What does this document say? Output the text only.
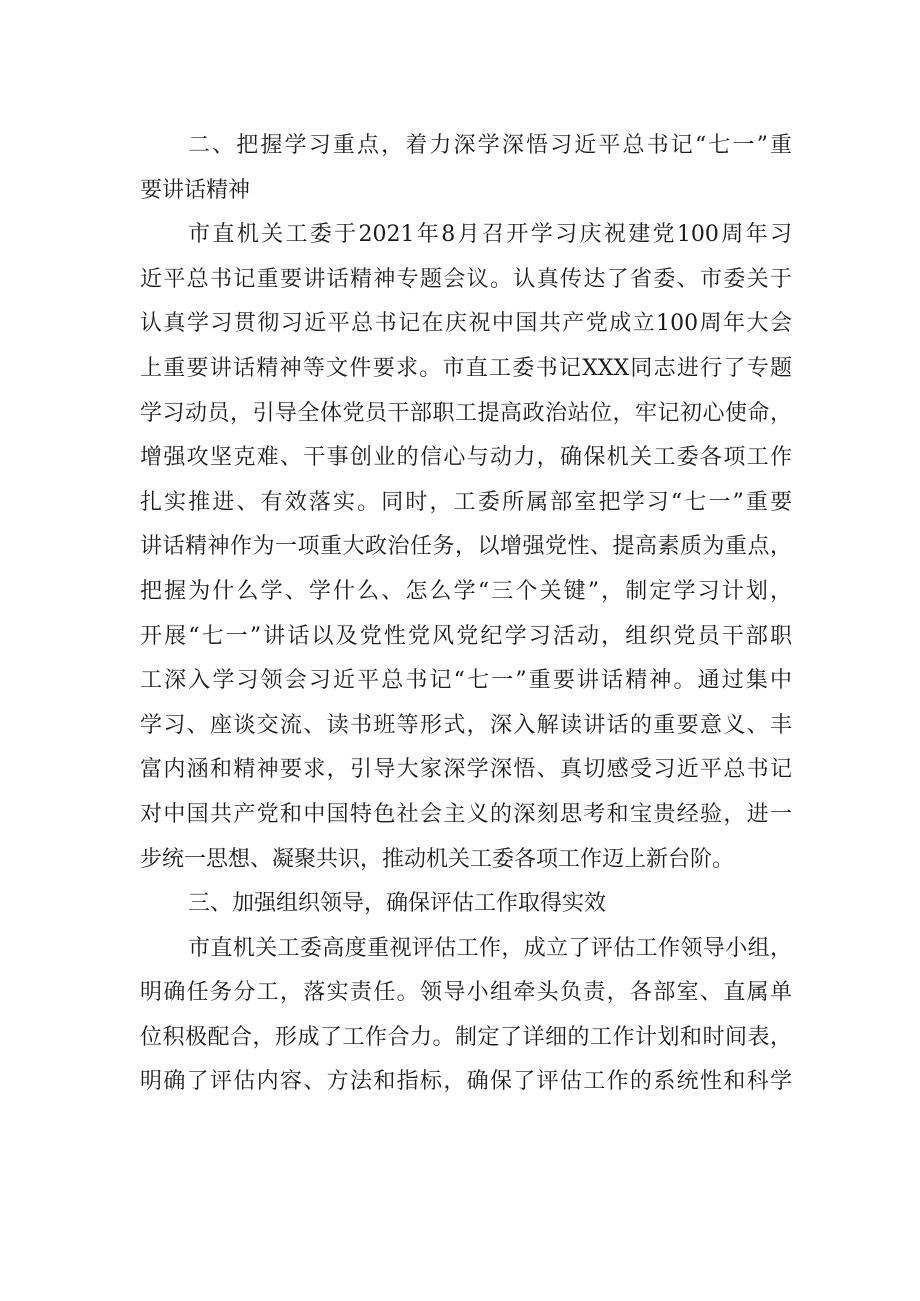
二、把握学习重点，着力深学深悟习近平总书记“七一”重
要讲话精神
市直机关工委于2021年8月召开学习庆祝建党100周年习
近平总书记重要讲话精神专题会议。认真传达了省委、市委关于
认真学习贯彻习近平总书记在庆祝中国共产党成立100周年大会
上重要讲话精神等文件要求。市直工委书记XXX同志进行了专题
学习动员，引导全体党员干部职工提高政治站位，牢记初心使命，
增强攻坚克难、干事创业的信心与动力，确保机关工委各项工作
扎实推进、有效落实。同时，工委所属部室把学习“七一”重要
讲话精神作为一项重大政治任务，以增强党性、提高素质为重点，
把握为什么学、学什么、怎么学“三个关键”，制定学习计划，
开展“七一”讲话以及党性党风党纪学习活动，组织党员干部职
工深入学习领会习近平总书记“七一”重要讲话精神。通过集中
学习、座谈交流、读书班等形式，深入解读讲话的重要意义、丰
富内涵和精神要求，引导大家深学深悟、真切感受习近平总书记
对中国共产党和中国特色社会主义的深刻思考和宝贵经验，进一
步统一思想、凝聚共识，推动机关工委各项工作迈上新台阶。
三、加强组织领导，确保评估工作取得实效
市直机关工委高度重视评估工作，成立了评估工作领导小组，
明确任务分工，落实责任。领导小组牵头负责，各部室、直属单
位积极配合，形成了工作合力。制定了详细的工作计划和时间表，
明确了评估内容、方法和指标，确保了评估工作的系统性和科学
